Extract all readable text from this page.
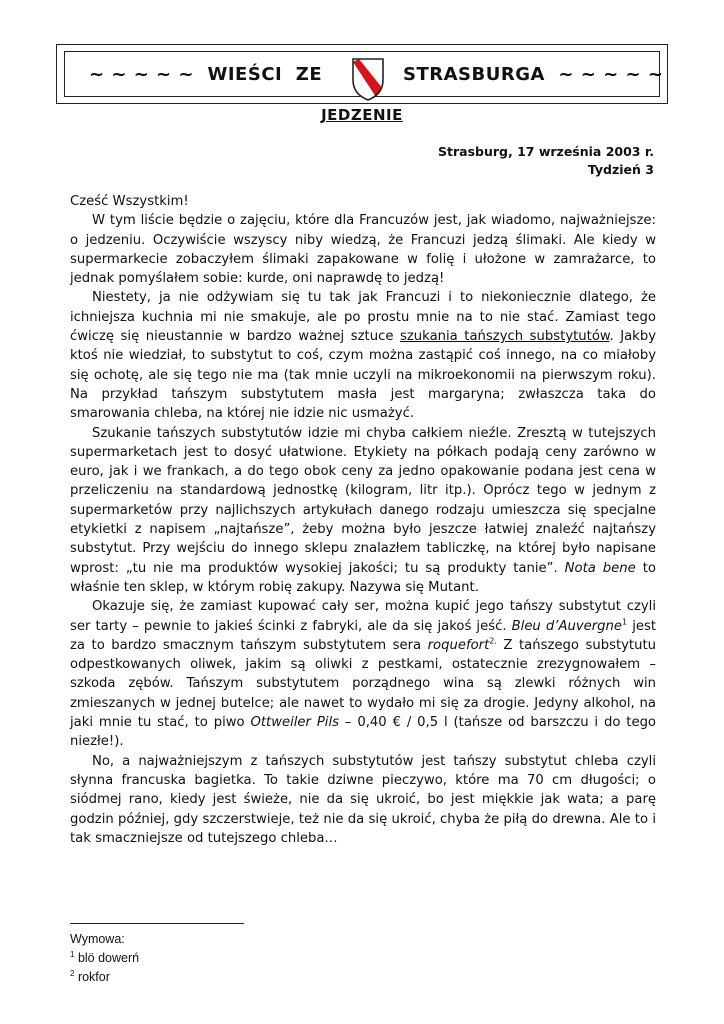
~ ~ ~ ~ ~  WIEŚCI  ZE	STRASBURGA  ~ ~ ~ ~ ~
JEDZENIE
Strasburg, 17 września 2003 r.
Tydzień 3

Cześć Wszystkim!

W tym liście będzie o zajęciu, które dla Francuzów jest, jak wiadomo, najważniejsze: o jedzeniu. Oczywiście wszyscy niby wiedzą, że Francuzi jedzą ślimaki. Ale kiedy w supermarkecie zobaczyłem ślimaki zapakowane w folię i ułożone w zamrażarce, to jednak pomyślałem sobie: kurde, oni naprawdę to jedzą!

Niestety, ja nie odżywiam się tu tak jak Francuzi i to niekoniecznie dlatego, że ichniejsza kuchnia mi nie smakuje, ale po prostu mnie na to nie stać. Zamiast tego ćwiczę się nieustannie w bardzo ważnej sztuce szukania tańszych substytutów. Jakby ktoś nie wiedział, to substytut to coś, czym można zastąpić coś innego, na co miałoby się ochotę, ale się tego nie ma (tak mnie uczyli na mikroekonomii na pierwszym roku). Na przykład tańszym substytutem masła jest margaryna; zwłaszcza taka do smarowania chleba, na której nie idzie nic usmażyć.

Szukanie tańszych substytutów idzie mi chyba całkiem nieźle. Zresztą w tutejszych supermarketach jest to dosyć ułatwione. Etykiety na półkach podają ceny zarówno w euro, jak i we frankach, a do tego obok ceny za jedno opakowanie podana jest cena w przeliczeniu na standardową jednostkę (kilogram, litr itp.). Oprócz tego w jednym z supermarketów przy najlichszych artykułach danego rodzaju umieszcza się specjalne etykietki z napisem „najtańsze”, żeby można było jeszcze łatwiej znaleźć najtańszy substytut. Przy wejściu do innego sklepu znalazłem tabliczkę, na której było napisane wprost: „tu nie ma produktów wysokiej jakości; tu są produkty tanie”. Nota bene to właśnie ten sklep, w którym robię zakupy. Nazywa się Mutant.

Okazuje się, że zamiast kupować cały ser, można kupić jego tańszy substytut czyli ser tarty – pewnie to jakieś ścinki z fabryki, ale da się jakoś jeść. Bleu d’Auvergne$^1$ jest za to bardzo smacznym tańszym substytutem sera roquefort$^{2.}$ Z tańszego substytutu odpestkowanych oliwek, jakim są oliwki z pestkami, ostatecznie zrezygnowałem – szkoda zębów. Tańszym substytutem porządnego wina są zlewki różnych win zmieszanych w jednej butelce; ale nawet to wydało mi się za drogie. Jedyny alkohol, na jaki mnie tu stać, to piwo Ottweiler Pils – 0,40 € / 0,5 l (tańsze od barszczu i do tego niezłe!).

No, a najważniejszym z tańszych substytutów jest tańszy substytut chleba czyli słynna francuska bagietka. To takie dziwne pieczywo, które ma 70 cm długości; o siódmej rano, kiedy jest świeże, nie da się ukroić, bo jest miękkie jak wata; a parę godzin później, gdy szczerstwieje, też nie da się ukroić, chyba że piłą do drewna. Ale to i tak smaczniejsze od tutejszego chleba…

Wymowa:
$^1$ blö dowerń
$^2$ rokfor
